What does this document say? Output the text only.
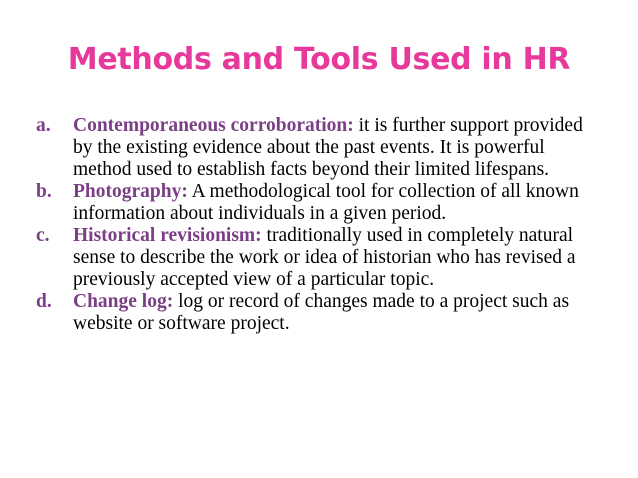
Methods and Tools Used in HR
a. Contemporaneous corroboration: it is further support provided by the existing evidence about the past events. It is powerful method used to establish facts beyond their limited lifespans.
b. Photography: A methodological tool for collection of all known information about individuals in a given period.
c. Historical revisionism: traditionally used in completely natural sense to describe the work or idea of historian who has revised a previously accepted view of a particular topic.
d. Change log: log or record of changes made to a project such as website or software project.
